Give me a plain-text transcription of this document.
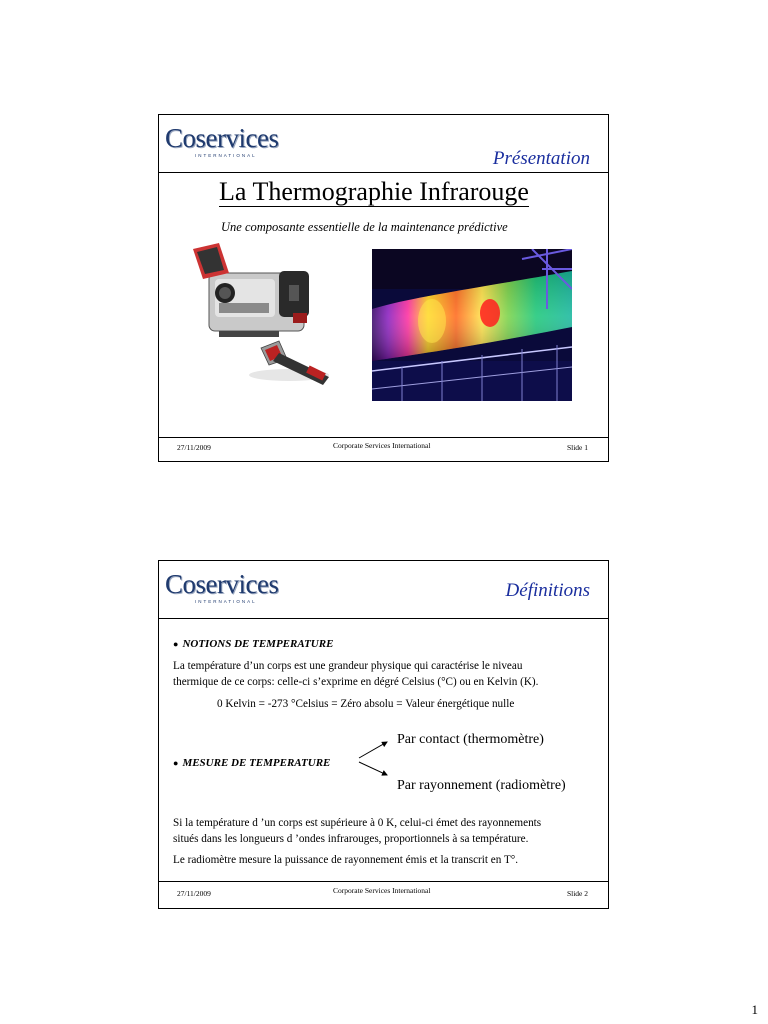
Coservices
INTERNATIONAL	Présentation
La Thermographie Infrarouge
Une composante essentielle de la maintenance prédictive
27/11/2009	Corporate Services International	Slide 1
Coservices
INTERNATIONAL
Définitions
● NOTIONS DE TEMPERATURE
La température d’un corps est une grandeur physique qui caractérise le niveau
thermique de ce corps: celle-ci s’exprime en dégré Celsius (°C) ou en Kelvin (K).
0 Kelvin = -273 °Celsius = Zéro absolu = Valeur énergétique nulle
Par contact (thermomètre)
● MESURE DE TEMPERATURE
Par rayonnement (radiomètre)
Si la température d ’un corps est supérieure à 0 K, celui-ci émet des rayonnements
situés dans les longueurs d ’ondes infrarouges, proportionnels à sa température.
Le radiomètre mesure la puissance de rayonnement émis et la transcrit en T°.
27/11/2009	Corporate Services International	Slide 2
1
